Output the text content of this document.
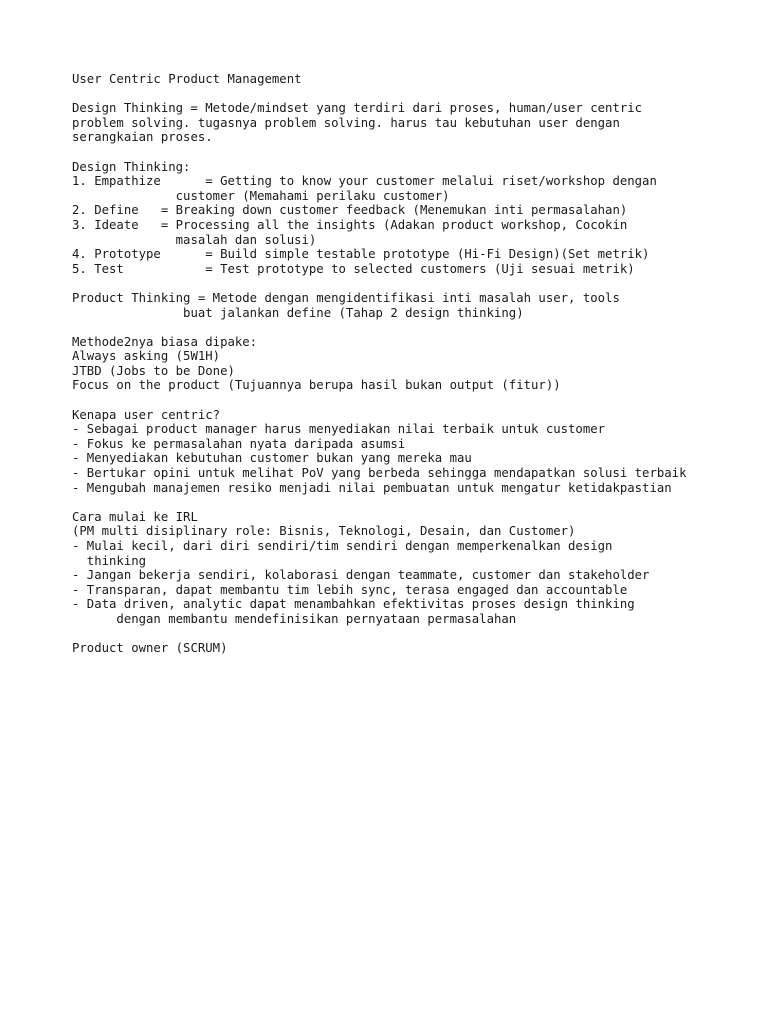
User Centric Product Management
Design Thinking = Metode/mindset yang terdiri dari proses, human/user centric
problem solving. tugasnya problem solving. harus tau kebutuhan user dengan
serangkaian proses.
Design Thinking:
1. Empathize      = Getting to know your customer melalui riset/workshop dengan
customer (Memahami perilaku customer)
2. Define   = Breaking down customer feedback (Menemukan inti permasalahan)
3. Ideate   = Processing all the insights (Adakan product workshop, Cocokin
masalah dan solusi)
4. Prototype      = Build simple testable prototype (Hi-Fi Design)(Set metrik)
5. Test           = Test prototype to selected customers (Uji sesuai metrik)
Product Thinking = Metode dengan mengidentifikasi inti masalah user, tools
buat jalankan define (Tahap 2 design thinking)
Methode2nya biasa dipake:
Always asking (5W1H)
JTBD (Jobs to be Done)
Focus on the product (Tujuannya berupa hasil bukan output (fitur))
Kenapa user centric?
- Sebagai product manager harus menyediakan nilai terbaik untuk customer
- Fokus ke permasalahan nyata daripada asumsi
- Menyediakan kebutuhan customer bukan yang mereka mau
- Bertukar opini untuk melihat PoV yang berbeda sehingga mendapatkan solusi terbaik
- Mengubah manajemen resiko menjadi nilai pembuatan untuk mengatur ketidakpastian
Cara mulai ke IRL
(PM multi disiplinary role: Bisnis, Teknologi, Desain, dan Customer)
- Mulai kecil, dari diri sendiri/tim sendiri dengan memperkenalkan design
thinking
- Jangan bekerja sendiri, kolaborasi dengan teammate, customer dan stakeholder
- Transparan, dapat membantu tim lebih sync, terasa engaged dan accountable
- Data driven, analytic dapat menambahkan efektivitas proses design thinking
dengan membantu mendefinisikan pernyataan permasalahan
Product owner (SCRUM)
